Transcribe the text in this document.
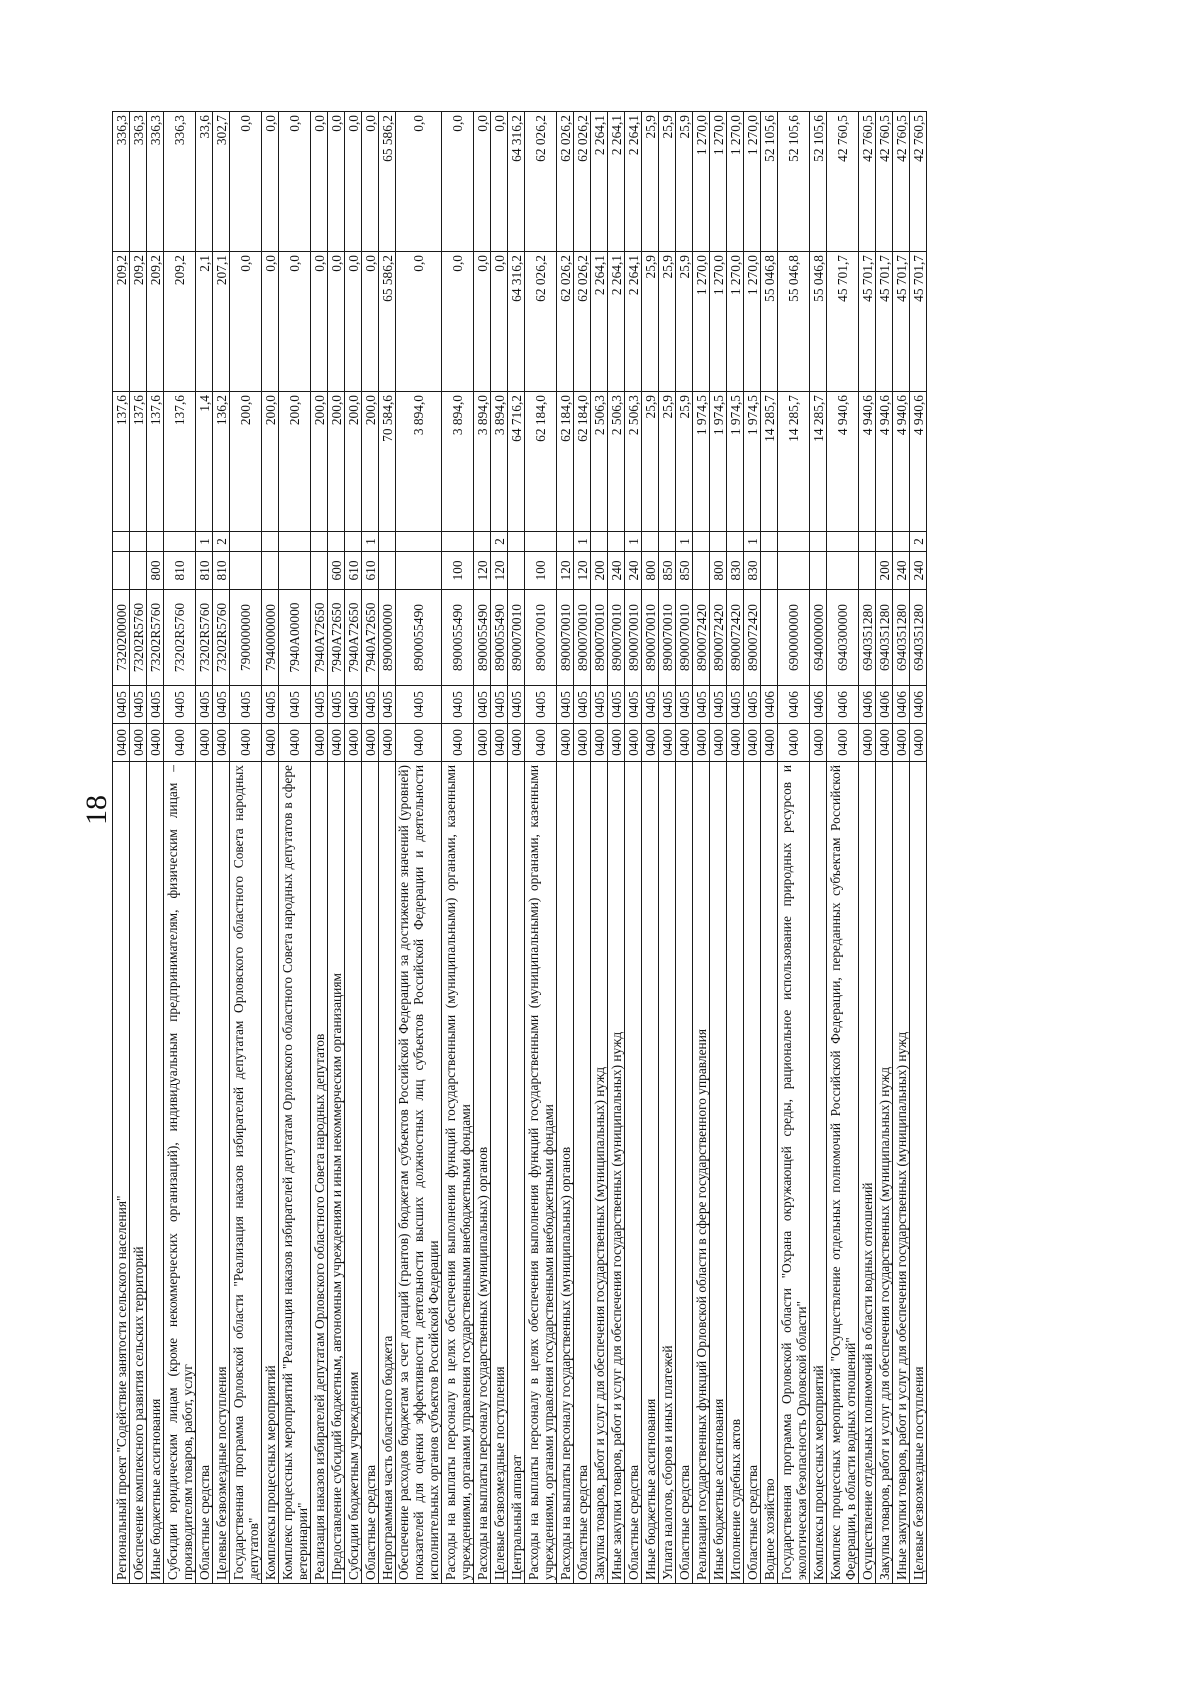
18
Региональный проект "Содействие занятости сельского населения"	0400	0405	7320200000			137,6	209,2	336,3
Обеспечение комплексного развития сельских территорий	0400	0405	73202R5760			137,6	209,2	336,3
Иные бюджетные ассигнования	0400	0405	73202R5760	800		137,6	209,2	336,3
Субсидии юридическим лицам (кроме некоммерческих организаций), индивидуальным предпринимателям, физическим лицам – производителям товаров, работ, услуг	0400	0405	73202R5760	810		137,6	209,2	336,3
Областные средства	0400	0405	73202R5760	810	1	1,4	2,1	33,6
Целевые безвозмездные поступления	0400	0405	73202R5760	810	2	136,2	207,1	302,7
Государственная программа Орловской области "Реализация наказов избирателей депутатам Орловского областного Совета народных депутатов"	0400	0405	7900000000			200,0	0,0	0,0
Комплексы процессных мероприятий	0400	0405	7940000000			200,0	0,0	0,0
Комплекс процессных мероприятий "Реализация наказов избирателей депутатам Орловского областного Совета народных депутатов в сфере ветеринарии"	0400	0405	7940A00000			200,0	0,0	0,0
Реализация наказов избирателей депутатам Орловского областного Совета народных депутатов	0400	0405	7940A72650			200,0	0,0	0,0
Предоставление субсидий бюджетным, автономным учреждениям и иным некоммерческим организациям	0400	0405	7940A72650	600		200,0	0,0	0,0
Субсидии бюджетным учреждениям	0400	0405	7940A72650	610		200,0	0,0	0,0
Областные средства	0400	0405	7940A72650	610	1	200,0	0,0	0,0
Непрограммная часть областного бюджета	0400	0405	8900000000			70 584,6	65 586,2	65 586,2
Обеспечение расходов бюджетам за счет дотаций (грантов) бюджетам субъектов Российской Федерации за достижение значений (уровней) показателей для оценки эффективности деятельности высших должностных лиц субъектов Российской Федерации и деятельности исполнительных органов субъектов Российской Федерации	0400	0405	8900055490			3 894,0	0,0	0,0
Расходы на выплаты персоналу в целях обеспечения выполнения функций государственными (муниципальными) органами, казенными учреждениями, органами управления государственными внебюджетными фондами	0400	0405	8900055490	100		3 894,0	0,0	0,0
Расходы на выплаты персоналу государственных (муниципальных) органов	0400	0405	8900055490	120		3 894,0	0,0	0,0
Целевые безвозмездные поступления	0400	0405	8900055490	120	2	3 894,0	0,0	0,0
Центральный аппарат	0400	0405	8900070010			64 716,2	64 316,2	64 316,2
Расходы на выплаты персоналу в целях обеспечения выполнения функций государственными (муниципальными) органами, казенными учреждениями, органами управления государственными внебюджетными фондами	0400	0405	8900070010	100		62 184,0	62 026,2	62 026,2
Расходы на выплаты персоналу государственных (муниципальных) органов	0400	0405	8900070010	120		62 184,0	62 026,2	62 026,2
Областные средства	0400	0405	8900070010	120	1	62 184,0	62 026,2	62 026,2
Закупка товаров, работ и услуг для обеспечения государственных (муниципальных) нужд	0400	0405	8900070010	200		2 506,3	2 264,1	2 264,1
Иные закупки товаров, работ и услуг для обеспечения государственных (муниципальных) нужд	0400	0405	8900070010	240		2 506,3	2 264,1	2 264,1
Областные средства	0400	0405	8900070010	240	1	2 506,3	2 264,1	2 264,1
Иные бюджетные ассигнования	0400	0405	8900070010	800		25,9	25,9	25,9
Уплата налогов, сборов и иных платежей	0400	0405	8900070010	850		25,9	25,9	25,9
Областные средства	0400	0405	8900070010	850	1	25,9	25,9	25,9
Реализация государственных функций Орловской области в сфере государственного управления	0400	0405	8900072420			1 974,5	1 270,0	1 270,0
Иные бюджетные ассигнования	0400	0405	8900072420	800		1 974,5	1 270,0	1 270,0
Исполнение судебных актов	0400	0405	8900072420	830		1 974,5	1 270,0	1 270,0
Областные средства	0400	0405	8900072420	830	1	1 974,5	1 270,0	1 270,0
Водное хозяйство	0400	0406				14 285,7	55 046,8	52 105,6
Государственная программа Орловской области "Охрана окружающей среды, рациональное использование природных ресурсов и экологическая безопасность Орловской области"	0400	0406	6900000000			14 285,7	55 046,8	52 105,6
Комплексы процессных мероприятий	0400	0406	6940000000			14 285,7	55 046,8	52 105,6
Комплекс процессных мероприятий "Осуществление отдельных полномочий Российской Федерации, переданных субъектам Российской Федерации, в области водных отношений"	0400	0406	6940300000			4 940,6	45 701,7	42 760,5
Осуществление отдельных полномочий в области водных отношений	0400	0406	6940351280			4 940,6	45 701,7	42 760,5
Закупка товаров, работ и услуг для обеспечения государственных (муниципальных) нужд	0400	0406	6940351280	200		4 940,6	45 701,7	42 760,5
Иные закупки товаров, работ и услуг для обеспечения государственных (муниципальных) нужд	0400	0406	6940351280	240		4 940,6	45 701,7	42 760,5
Целевые безвозмездные поступления	0400	0406	6940351280	240	2	4 940,6	45 701,7	42 760,5
